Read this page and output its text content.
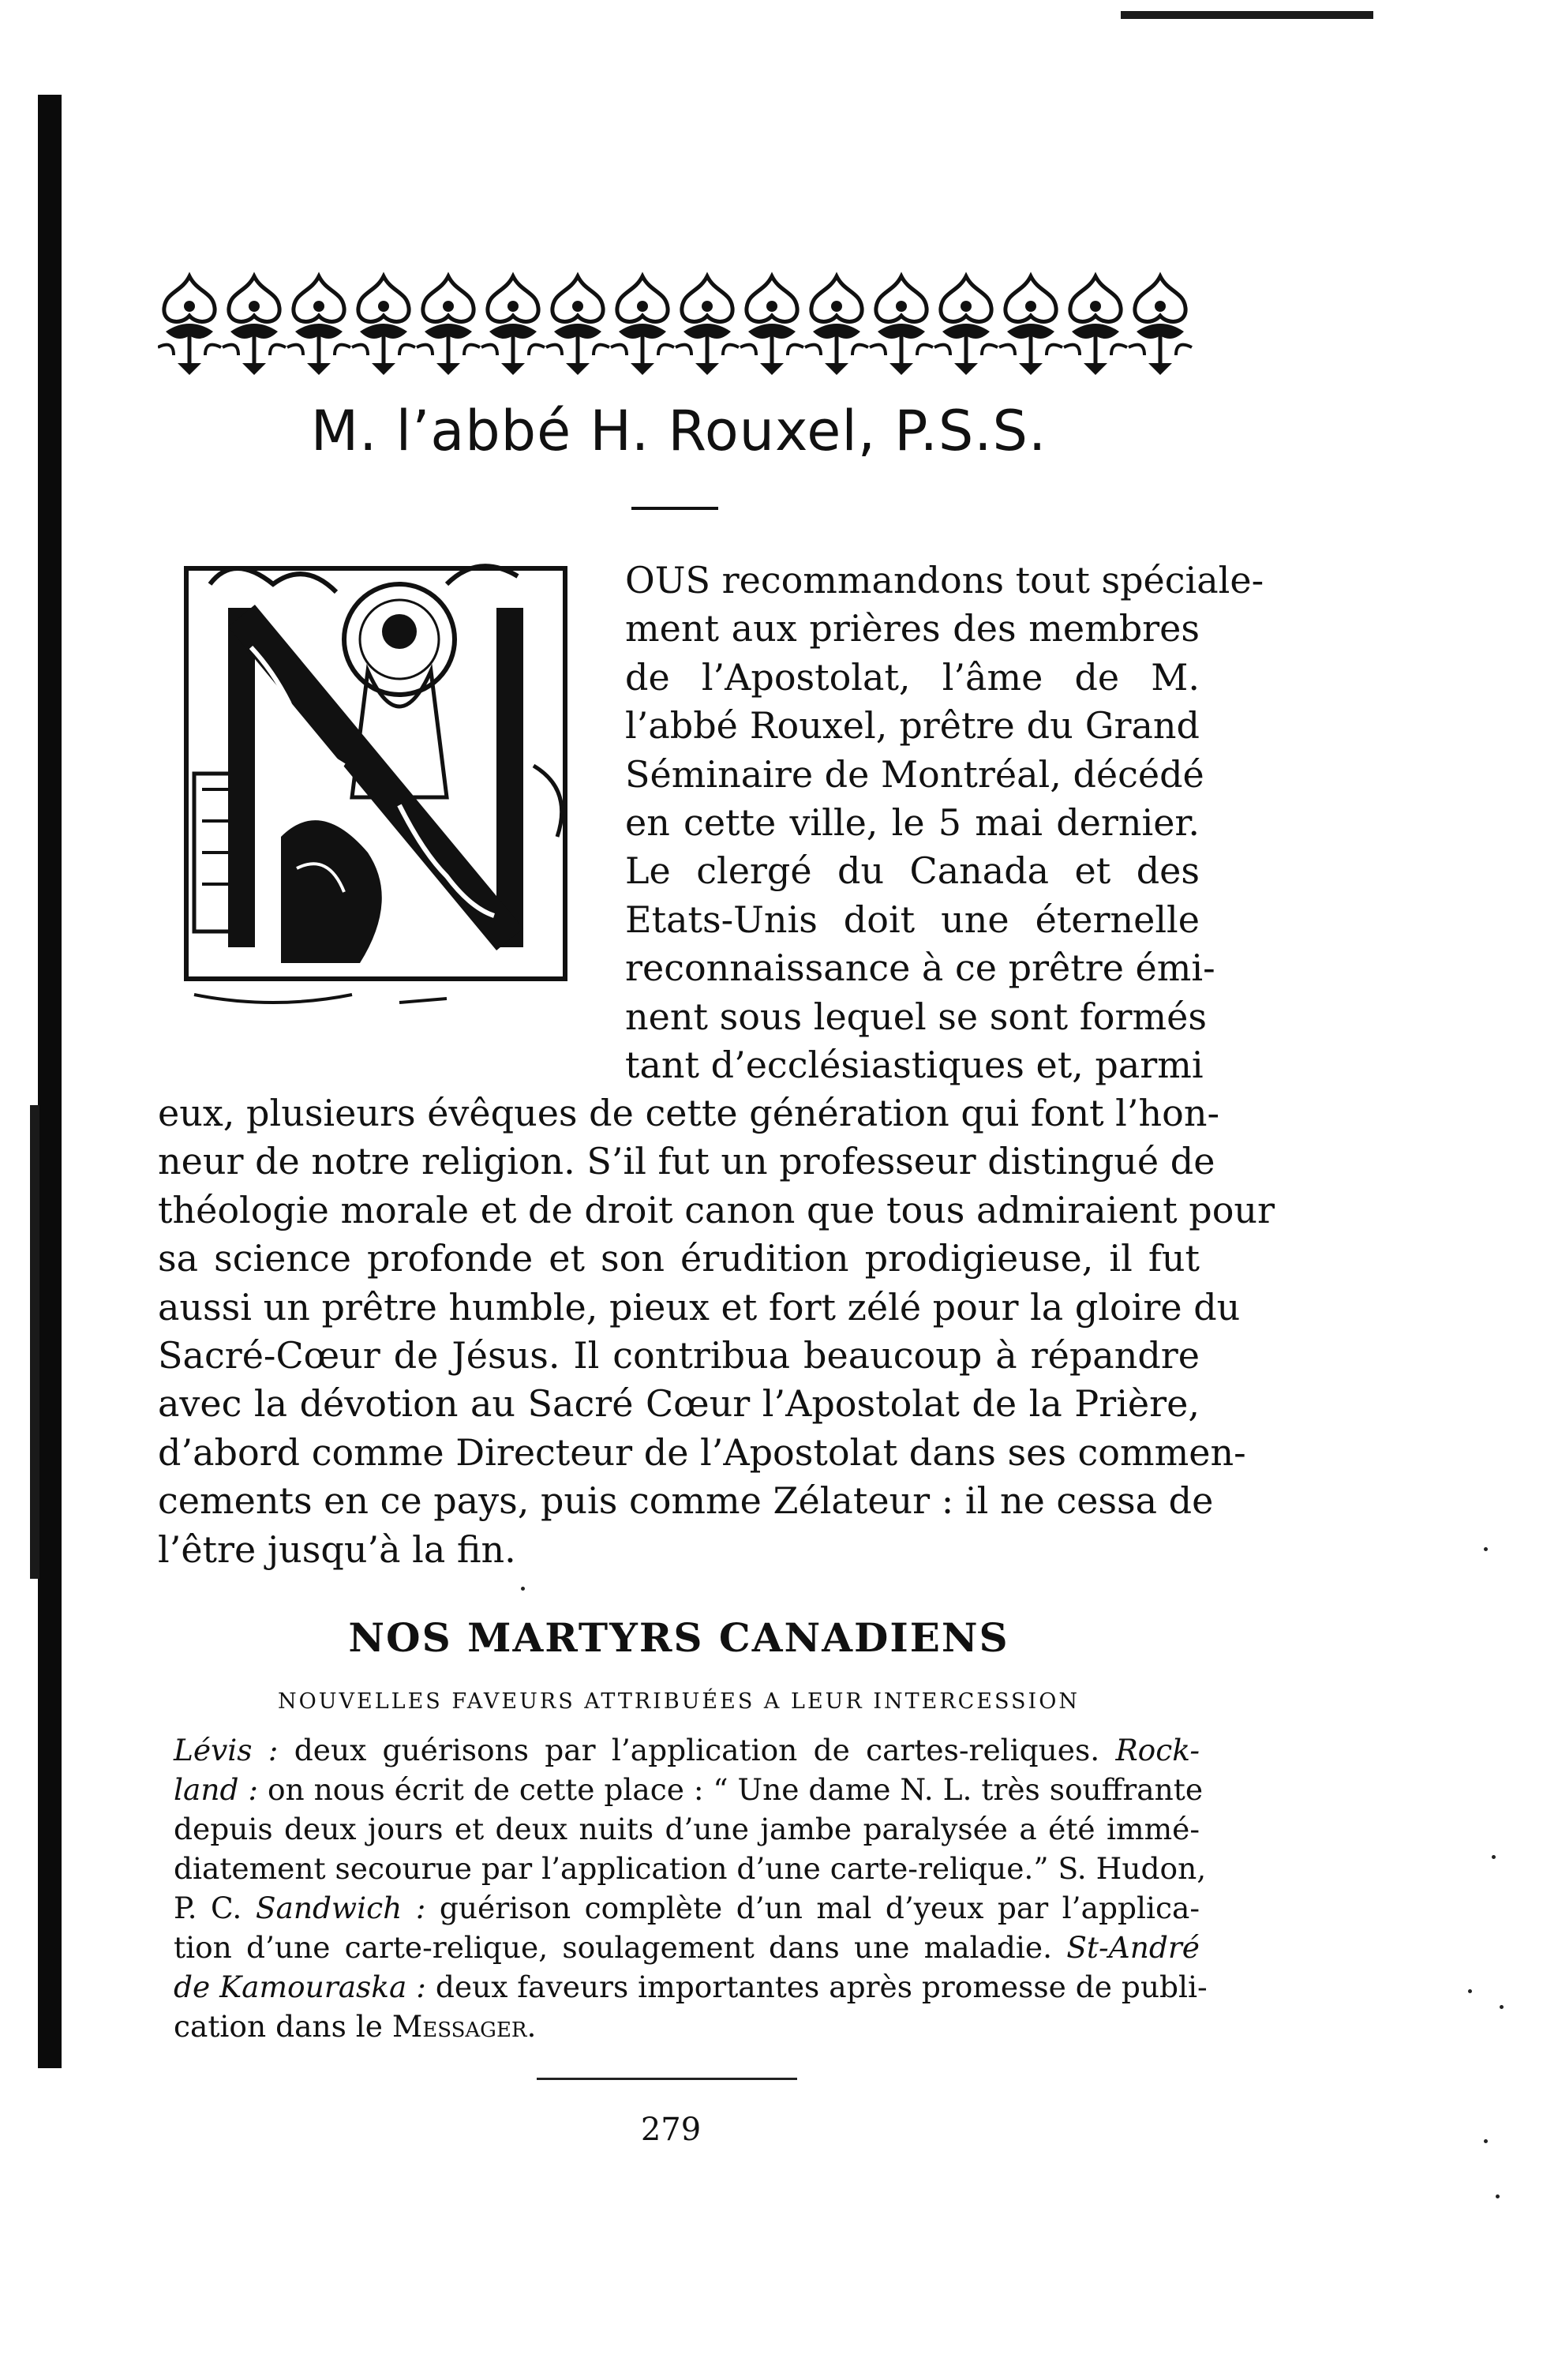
M. l’abbé H. Rouxel, P.S.S.

OUS recommandons tout spéciale-
ment aux prières des membres
de l’Apostolat, l’âme de M.
l’abbé Rouxel, prêtre du Grand
Séminaire de Montréal, décédé
en cette ville, le 5 mai dernier.
Le clergé du Canada et des
Etats-Unis doit une éternelle
reconnaissance à ce prêtre émi-
nent sous lequel se sont formés
tant d’ecclésiastiques et, parmi

eux, plusieurs évêques de cette génération qui font l’hon-
neur de notre religion. S’il fut un professeur distingué de
théologie morale et de droit canon que tous admiraient pour
sa science profonde et son érudition prodigieuse, il fut
aussi un prêtre humble, pieux et fort zélé pour la gloire du
Sacré-Cœur de Jésus. Il contribua beaucoup à répandre
avec la dévotion au Sacré Cœur l’Apostolat de la Prière,
d’abord comme Directeur de l’Apostolat dans ses commen-
cements en ce pays, puis comme Zélateur : il ne cessa de
l’être jusqu’à la fin.

NOS MARTYRS CANADIENS
NOUVELLES FAVEURS ATTRIBUÉES A LEUR INTERCESSION

Lévis : deux guérisons par l’application de cartes-reliques. Rock-
land : on nous écrit de cette place : “ Une dame N. L. très souffrante
depuis deux jours et deux nuits d’une jambe paralysée a été immé-
diatement secourue par l’application d’une carte-relique.” S. Hudon,
P. C. Sandwich : guérison complète d’un mal d’yeux par l’applica-
tion d’une carte-relique, soulagement dans une maladie. St-André
de Kamouraska : deux faveurs importantes après promesse de publi-
cation dans le Messager.

279
